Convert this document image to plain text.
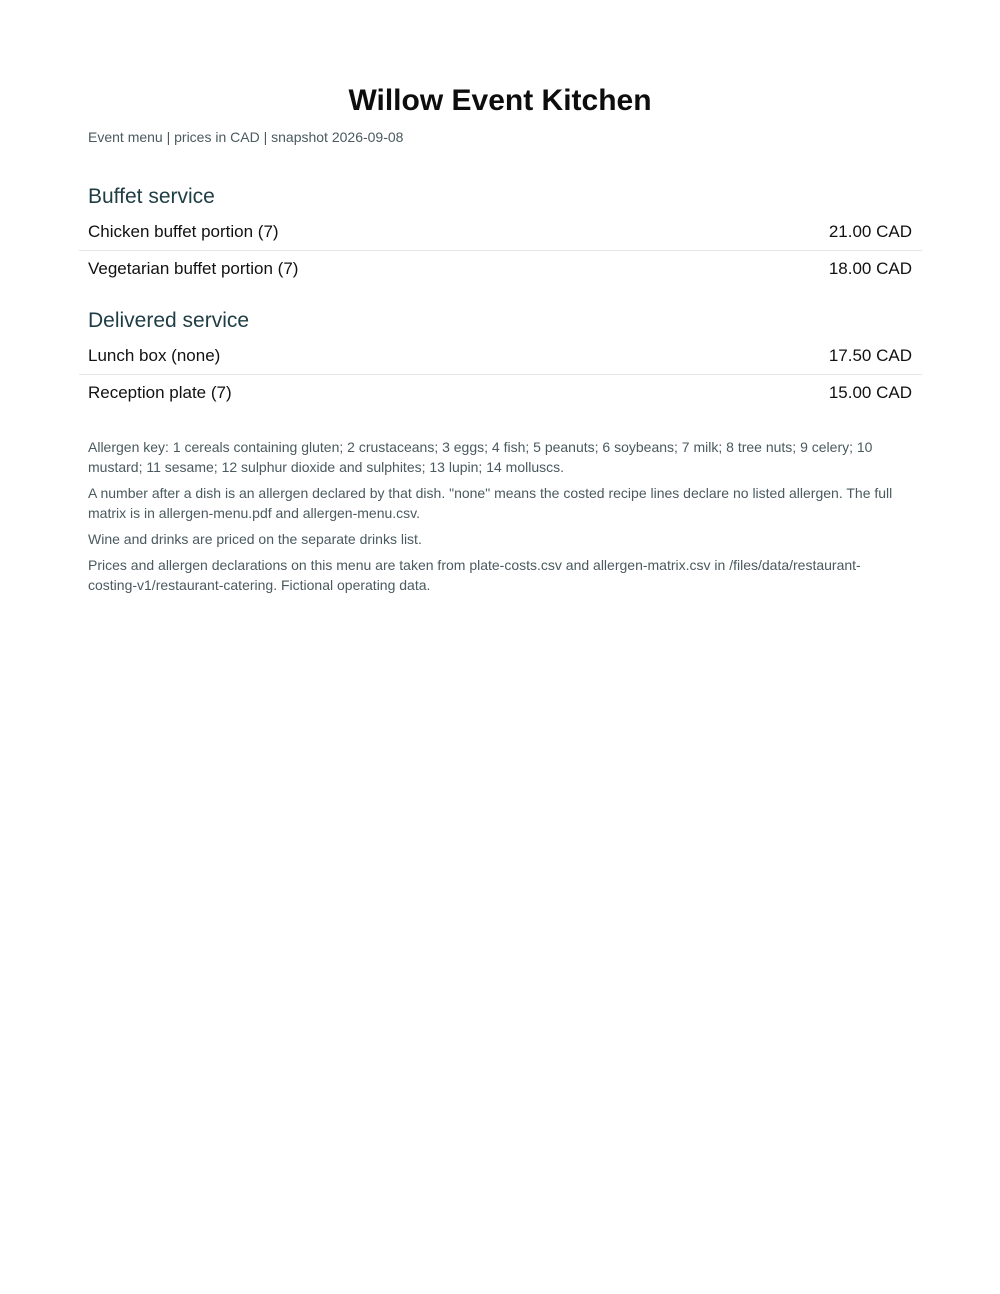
Willow Event Kitchen

Event menu | prices in CAD | snapshot 2026-09-08

Buffet service
Chicken buffet portion (7)	21.00 CAD
Vegetarian buffet portion (7)	18.00 CAD
Delivered service
Lunch box (none)	17.50 CAD
Reception plate (7)	15.00 CAD

Allergen key: 1 cereals containing gluten; 2 crustaceans; 3 eggs; 4 fish; 5 peanuts; 6 soybeans; 7 milk; 8 tree nuts; 9 celery; 10 mustard; 11 sesame; 12 sulphur dioxide and sulphites; 13 lupin; 14 molluscs.

A number after a dish is an allergen declared by that dish. "none" means the costed recipe lines declare no listed allergen. The full matrix is in allergen-menu.pdf and allergen-menu.csv.

Wine and drinks are priced on the separate drinks list.

Prices and allergen declarations on this menu are taken from plate-costs.csv and allergen-matrix.csv in /files/data/restaurant-costing-v1/restaurant-catering. Fictional operating data.
